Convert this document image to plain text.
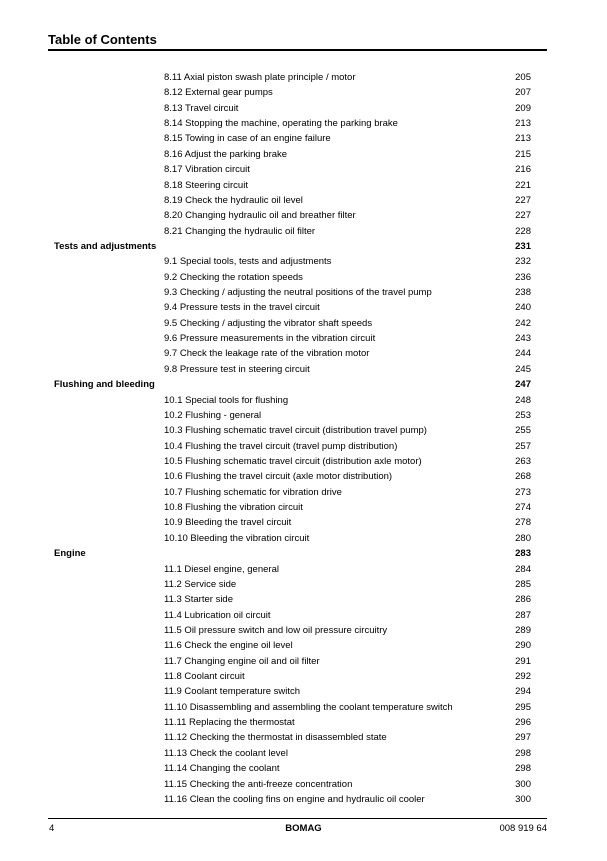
Table of Contents
8.11 Axial piston swash plate principle / motor	205
8.12 External gear pumps	207
8.13 Travel circuit	209
8.14 Stopping the machine, operating the parking brake	213
8.15 Towing in case of an engine failure	213
8.16 Adjust the parking brake	215
8.17 Vibration circuit	216
8.18 Steering circuit	221
8.19 Check the hydraulic oil level	227
8.20 Changing hydraulic oil and breather filter	227
8.21 Changing the hydraulic oil filter	228
Tests and adjustments	231
9.1 Special tools, tests and adjustments	232
9.2 Checking the rotation speeds	236
9.3 Checking / adjusting the neutral positions of the travel pump	238
9.4 Pressure tests in the travel circuit	240
9.5 Checking / adjusting the vibrator shaft speeds	242
9.6 Pressure measurements in the vibration circuit	243
9.7 Check the leakage rate of the vibration motor	244
9.8 Pressure test in steering circuit	245
Flushing and bleeding	247
10.1 Special tools for flushing	248
10.2 Flushing - general	253
10.3 Flushing schematic travel circuit (distribution travel pump)	255
10.4 Flushing the travel circuit (travel pump distribution)	257
10.5 Flushing schematic travel circuit (distribution axle motor)	263
10.6 Flushing the travel circuit (axle motor distribution)	268
10.7 Flushing schematic for vibration drive	273
10.8 Flushing the vibration circuit	274
10.9 Bleeding the travel circuit	278
10.10 Bleeding the vibration circuit	280
Engine	283
11.1 Diesel engine, general	284
11.2 Service side	285
11.3 Starter side	286
11.4 Lubrication oil circuit	287
11.5 Oil pressure switch and low oil pressure circuitry	289
11.6 Check the engine oil level	290
11.7 Changing engine oil and oil filter	291
11.8 Coolant circuit	292
11.9 Coolant temperature switch	294
11.10 Disassembling and assembling the coolant temperature switch	295
11.11 Replacing the thermostat	296
11.12 Checking the thermostat in disassembled state	297
11.13 Check the coolant level	298
11.14 Changing the coolant	298
11.15 Checking the anti-freeze concentration	300
11.16 Clean the cooling fins on engine and hydraulic oil cooler	300
4	BOMAG	008 919 64
